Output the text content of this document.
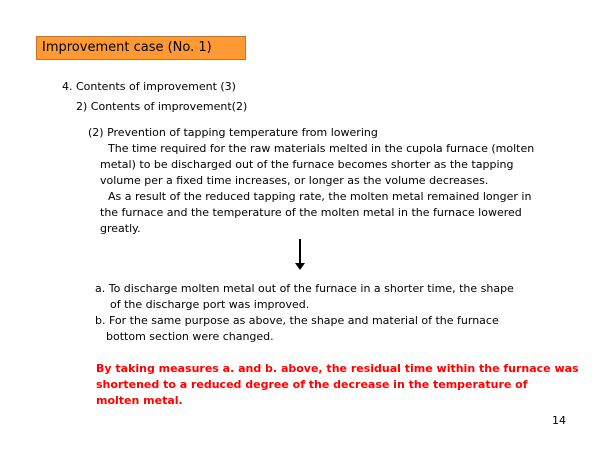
Improvement case (No. 1)
4. Contents of improvement (3)
2) Contents of improvement(2)
(2) Prevention of tapping temperature from lowering
The time required for the raw materials melted in the cupola furnace (molten
metal) to be discharged out of the furnace becomes shorter as the tapping
volume per a fixed time increases, or longer as the volume decreases.
As a result of the reduced tapping rate, the molten metal remained longer in
the furnace and the temperature of the molten metal in the furnace lowered
greatly.
a. To discharge molten metal out of the furnace in a shorter time, the shape
of the discharge port was improved.
b. For the same purpose as above, the shape and material of the furnace
bottom section were changed.
By taking measures a. and b. above, the residual time within the furnace was
shortened to a reduced degree of the decrease in the temperature of
molten metal.
14
